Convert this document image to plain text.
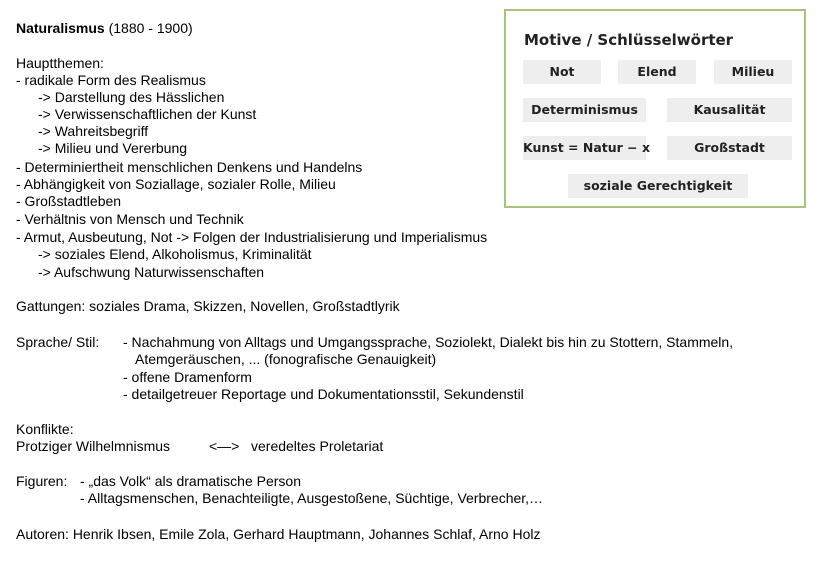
Naturalismus (1880 - 1900)
Hauptthemen:
- radikale Form des Realismus
-> Darstellung des Hässlichen
-> Verwissenschaftlichen der Kunst
-> Wahreitsbegriff
-> Milieu und Vererbung
- Determiniertheit menschlichen Denkens und Handelns
- Abhängigkeit von Soziallage, sozialer Rolle, Milieu
- Großstadtleben
- Verhältnis von Mensch und Technik
- Armut, Ausbeutung, Not -> Folgen der Industrialisierung und Imperialismus
-> soziales Elend, Alkoholismus, Kriminalität
-> Aufschwung Naturwissenschaften
Gattungen: soziales Drama, Skizzen, Novellen, Großstadtlyrik
Sprache/ Stil: - Nachahmung von Alltags und Umgangssprache, Soziolekt, Dialekt bis hin zu Stottern, Stammeln,
Atemgeräuschen, ... (fonografische Genauigkeit)
- offene Dramenform
- detailgetreuer Reportage und Dokumentationsstil, Sekundenstil
Konflikte:
Protziger Wilhelmnismus	<—> veredeltes Proletariat
Figuren: - „das Volk“ als dramatische Person
- Alltagsmenschen, Benachteiligte, Ausgestoßene, Süchtige, Verbrecher,…
Autoren: Henrik Ibsen, Emile Zola, Gerhard Hauptmann, Johannes Schlaf, Arno Holz
Motive / Schlüsselwörter
Not	Elend	Milieu
Determinismus	Kausalität
Kunst = Natur − x	Großstadt
soziale Gerechtigkeit
